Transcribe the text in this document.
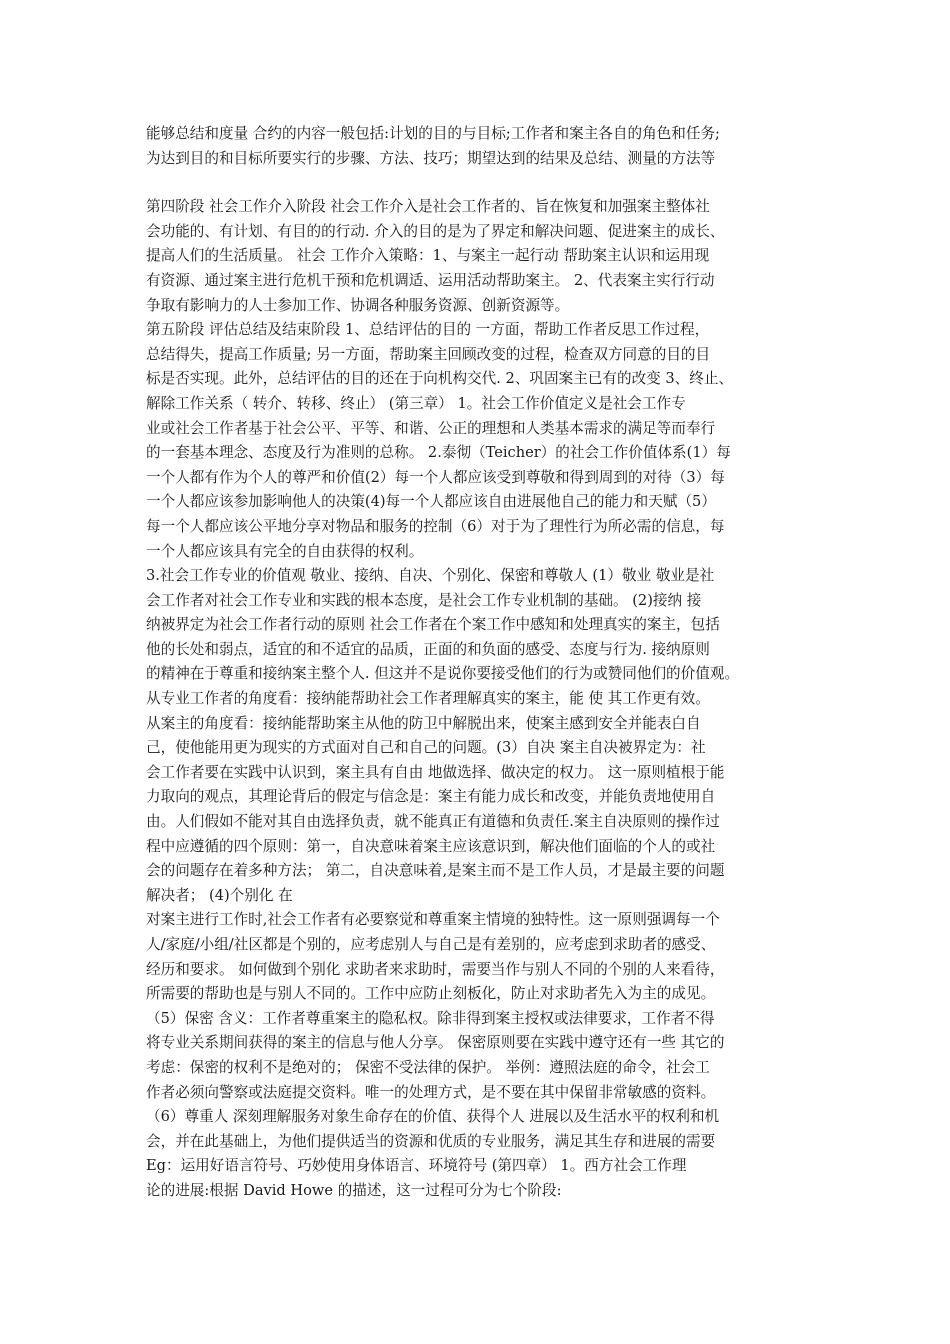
能够总结和度量 合约的内容一般包括:计划的目的与目标;工作者和案主各自的角色和任务;
为达到目的和目标所要实行的步骤、方法、技巧；期望达到的结果及总结、测量的方法等
第四阶段 社会工作介入阶段 社会工作介入是社会工作者的、旨在恢复和加强案主整体社
会功能的、有计划、有目的的行动. 介入的目的是为了界定和解决问题、促进案主的成长、
提高人们的生活质量。 社会 工作介入策略：1、与案主一起行动 帮助案主认识和运用现
有资源、通过案主进行危机干预和危机调适、运用活动帮助案主。 2、代表案主实行行动
争取有影响力的人士参加工作、协调各种服务资源、创新资源等。
第五阶段 评估总结及结束阶段 1、总结评估的目的 一方面，帮助工作者反思工作过程，
总结得失，提高工作质量; 另一方面，帮助案主回顾改变的过程，检查双方同意的目的目
标是否实现。此外，总结评估的目的还在于向机构交代. 2、巩固案主已有的改变 3、终止、
解除工作关系（ 转介、转移、终止） (第三章） 1。社会工作价值定义是社会工作专
业或社会工作者基于社会公平、平等、和谐、公正的理想和人类基本需求的满足等而奉行
的一套基本理念、态度及行为准则的总称。 2.泰彻（Teicher）的社会工作价值体系(1）每
一个人都有作为个人的尊严和价值(2）每一个人都应该受到尊敬和得到周到的对待（3）每
一个人都应该参加影响他人的决策(4)每一个人都应该自由进展他自己的能力和天赋（5）
每一个人都应该公平地分享对物品和服务的控制（6）对于为了理性行为所必需的信息，每
一个人都应该具有完全的自由获得的权利。
3.社会工作专业的价值观 敬业、接纳、自决、个别化、保密和尊敬人 (1）敬业 敬业是社
会工作者对社会工作专业和实践的根本态度，是社会工作专业机制的基础。 (2)接纳 接
纳被界定为社会工作者行动的原则 社会工作者在个案工作中感知和处理真实的案主，包括
他的长处和弱点，适宜的和不适宜的品质，正面的和负面的感受、态度与行为. 接纳原则
的精神在于尊重和接纳案主整个人. 但这并不是说你要接受他们的行为或赞同他们的价值观。
从专业工作者的角度看：接纳能帮助社会工作者理解真实的案主，能 使 其工作更有效。
从案主的角度看：接纳能帮助案主从他的防卫中解脱出来，使案主感到安全并能表白自
己，使他能用更为现实的方式面对自己和自己的问题。(3）自决 案主自决被界定为：社
会工作者要在实践中认识到，案主具有自由 地做选择、做决定的权力。 这一原则植根于能
力取向的观点，其理论背后的假定与信念是：案主有能力成长和改变，并能负责地使用自
由。人们假如不能对其自由选择负责，就不能真正有道德和负责任.案主自决原则的操作过
程中应遵循的四个原则：第一，自决意味着案主应该意识到，解决他们面临的个人的或社
会的问题存在着多种方法； 第二，自决意味着,是案主而不是工作人员，才是最主要的问题
解决者； (4)个别化 在
对案主进行工作时,社会工作者有必要察觉和尊重案主情境的独特性。这一原则强调每一个
人/家庭/小组/社区都是个别的，应考虑别人与自己是有差别的，应考虑到求助者的感受、
经历和要求。 如何做到个别化 求助者来求助时，需要当作与别人不同的个别的人来看待，
所需要的帮助也是与别人不同的。工作中应防止刻板化，防止对求助者先入为主的成见。
（5）保密 含义：工作者尊重案主的隐私权。除非得到案主授权或法律要求，工作者不得
将专业关系期间获得的案主的信息与他人分享。 保密原则要在实践中遵守还有一些 其它的
考虑：保密的权利不是绝对的； 保密不受法律的保护。 举例：遵照法庭的命令，社会工
作者必须向警察或法庭提交资料。唯一的处理方式，是不要在其中保留非常敏感的资料。
（6）尊重人 深刻理解服务对象生命存在的价值、获得个人 进展以及生活水平的权利和机
会，并在此基础上，为他们提供适当的资源和优质的专业服务，满足其生存和进展的需要
Eg：运用好语言符号、巧妙使用身体语言、环境符号 (第四章） 1。西方社会工作理
论的进展:根据 David Howe 的描述，这一过程可分为七个阶段:
